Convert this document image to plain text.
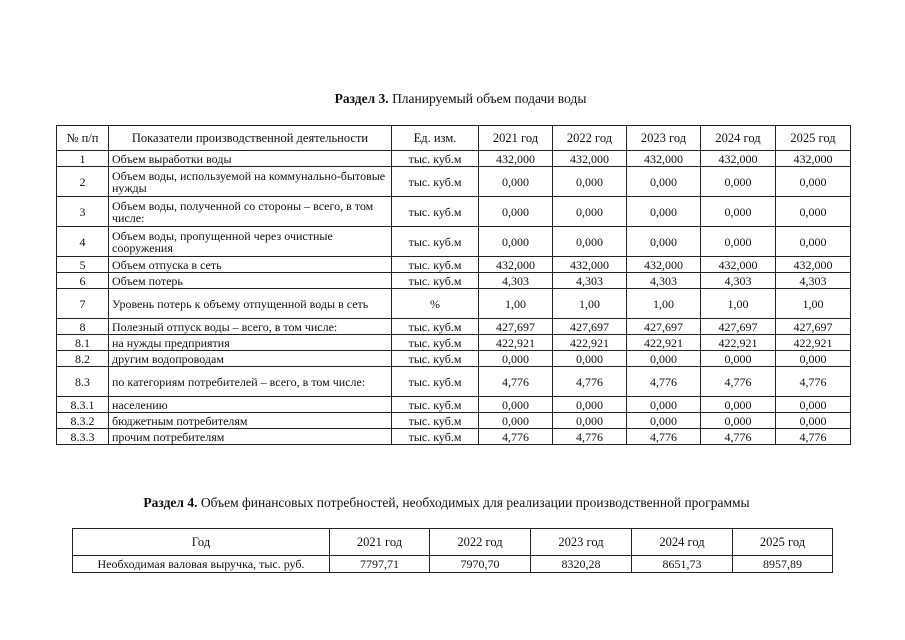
Раздел 3. Планируемый объем подачи воды
№ п/п	Показатели производственной деятельности	Ед. изм.	2021 год	2022 год	2023 год	2024 год	2025 год
1	Объем выработки воды	тыс. куб.м	432,000	432,000	432,000	432,000	432,000
2	Объем воды, используемой на коммунально-бытовые нужды	тыс. куб.м	0,000	0,000	0,000	0,000	0,000
3	Объем воды, полученной со стороны – всего, в том числе:	тыс. куб.м	0,000	0,000	0,000	0,000	0,000
4	Объем воды, пропущенной через очистные сооружения	тыс. куб.м	0,000	0,000	0,000	0,000	0,000
5	Объем отпуска в сеть	тыс. куб.м	432,000	432,000	432,000	432,000	432,000
6	Объем потерь	тыс. куб.м	4,303	4,303	4,303	4,303	4,303
7	Уровень потерь к объему отпущенной воды в сеть	%	1,00	1,00	1,00	1,00	1,00
8	Полезный отпуск воды – всего, в том числе:	тыс. куб.м	427,697	427,697	427,697	427,697	427,697
8.1	на нужды предприятия	тыс. куб.м	422,921	422,921	422,921	422,921	422,921
8.2	другим водопроводам	тыс. куб.м	0,000	0,000	0,000	0,000	0,000
8.3	по категориям потребителей – всего, в том числе:	тыс. куб.м	4,776	4,776	4,776	4,776	4,776
8.3.1	населению	тыс. куб.м	0,000	0,000	0,000	0,000	0,000
8.3.2	бюджетным потребителям	тыс. куб.м	0,000	0,000	0,000	0,000	0,000
8.3.3	прочим потребителям	тыс. куб.м	4,776	4,776	4,776	4,776	4,776
Раздел 4. Объем финансовых потребностей, необходимых для реализации производственной программы
Год	2021 год	2022 год	2023 год	2024 год	2025 год
Необходимая валовая выручка, тыс. руб.	7797,71	7970,70	8320,28	8651,73	8957,89
